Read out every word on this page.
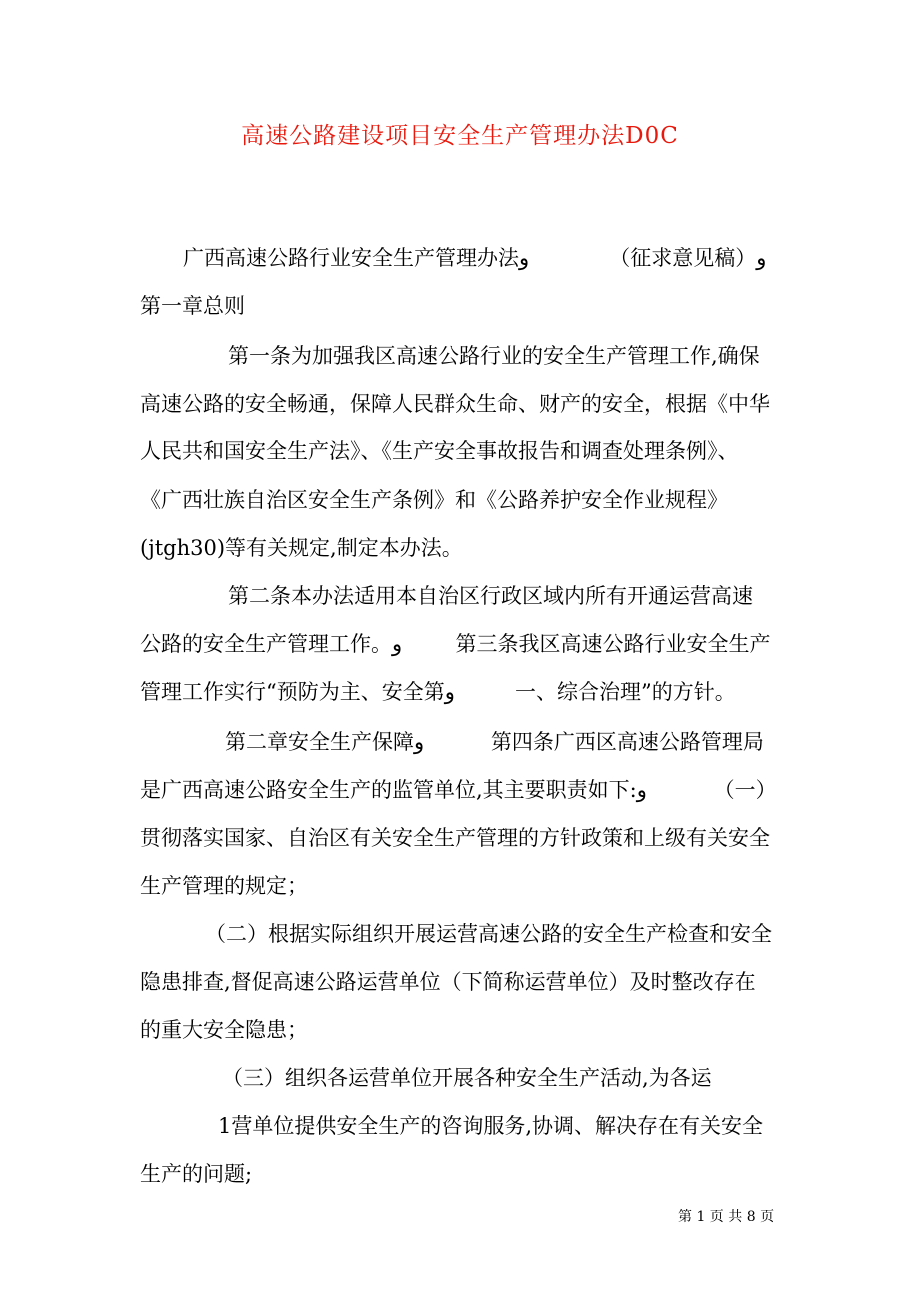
高速公路建设项目安全生产管理办法D0C
广西高速公路行业安全生产管理办法و            （征求意见稿）و
第一章总则
第一条为加强我区高速公路行业的安全生产管理工作,确保
高速公路的安全畅通，保障人民群众生命、财产的安全，根据《中华
人民共和国安全生产法》、《生产安全事故报告和调查处理条例》、
《广西壮族自治区安全生产条例》和《公路养护安全作业规程》
(jtgh30)等有关规定,制定本办法。
第二条本办法适用本自治区行政区域内所有开通运营高速
公路的安全生产管理工作。و        第三条我区高速公路行业安全生产
管理工作实行“预防为主、安全第و         一、综合治理”的方针。
第二章安全生产保障و          第四条广西区高速公路管理局
是广西高速公路安全生产的监管单位,其主要职责如下:و          （一）
贯彻落实国家、自治区有关安全生产管理的方针政策和上级有关安全
生产管理的规定；
（二）根据实际组织开展运营高速公路的安全生产检查和安全
隐患排查,督促高速公路运营单位（下简称运营单位）及时整改存在
的重大安全隐患；
（三）组织各运营单位开展各种安全生产活动,为各运
1营单位提供安全生产的咨询服务,协调、解决存在有关安全
生产的问题;
第 1 页 共 8 页
